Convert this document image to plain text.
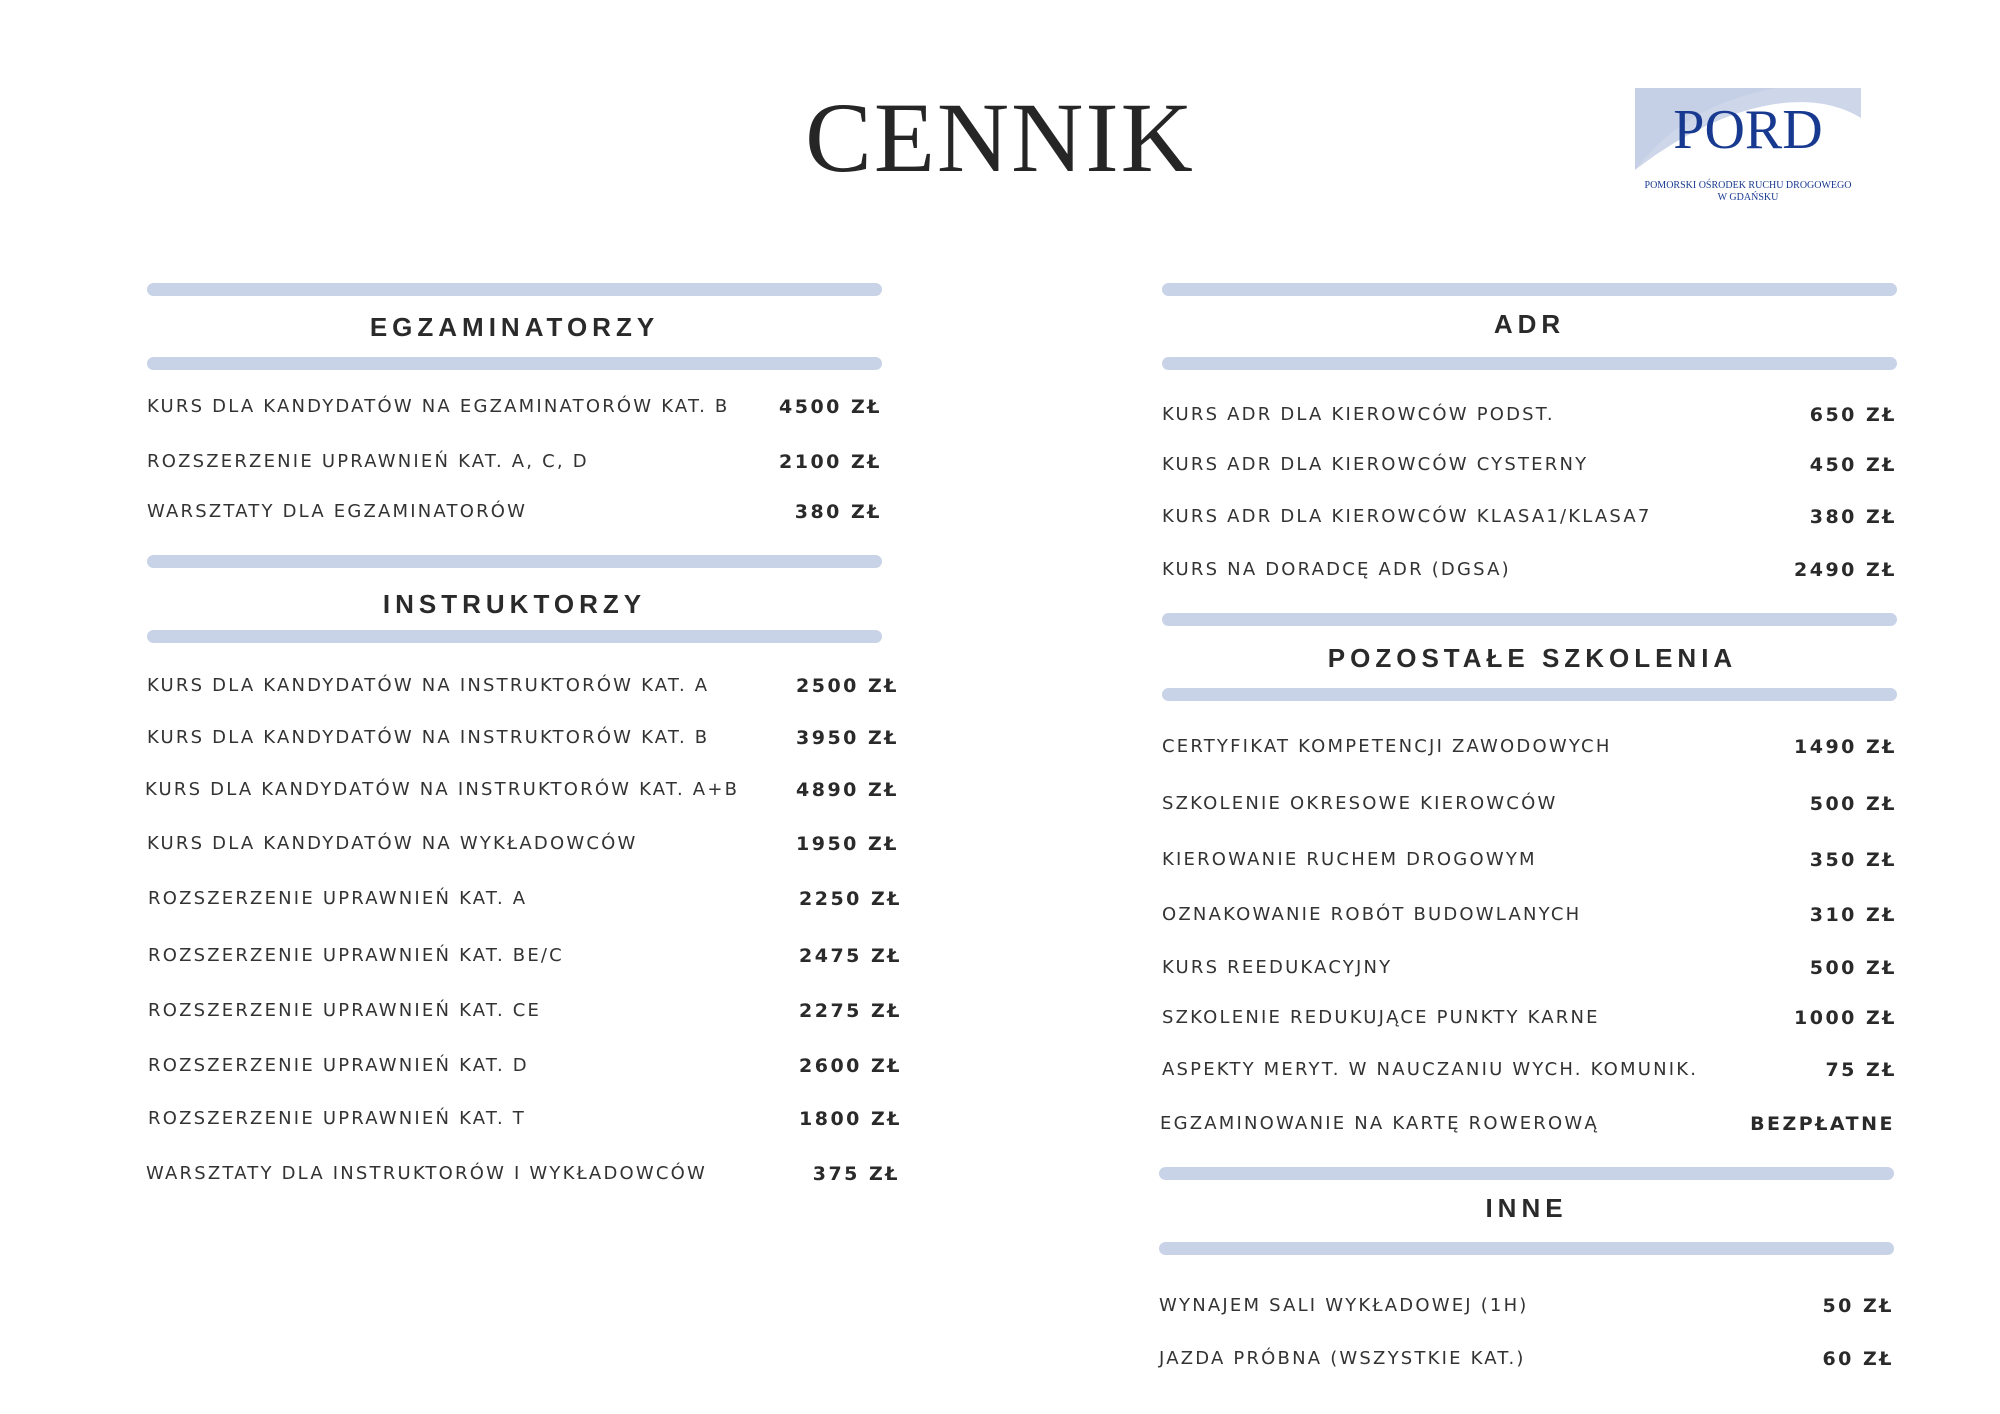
CENNIK	PORD
POMORSKI OŚRODEK RUCHU DROGOWEGO
W GDAŃSKU
EGZAMINATORZY
KURS DLA KANDYDATÓW NA EGZAMINATORÓW KAT. B	4500 ZŁ
ROZSZERZENIE UPRAWNIEŃ KAT. A, C, D	2100 ZŁ
WARSZTATY DLA EGZAMINATORÓW	380 ZŁ
INSTRUKTORZY
KURS DLA KANDYDATÓW NA INSTRUKTORÓW KAT. A	2500 ZŁ
KURS DLA KANDYDATÓW NA INSTRUKTORÓW KAT. B	3950 ZŁ
KURS DLA KANDYDATÓW NA INSTRUKTORÓW KAT. A+B	4890 ZŁ
KURS DLA KANDYDATÓW NA WYKŁADOWCÓW	1950 ZŁ
ROZSZERZENIE UPRAWNIEŃ KAT. A	2250 ZŁ
ROZSZERZENIE UPRAWNIEŃ KAT. BE/C	2475 ZŁ
ROZSZERZENIE UPRAWNIEŃ KAT. CE	2275 ZŁ
ROZSZERZENIE UPRAWNIEŃ KAT. D	2600 ZŁ
ROZSZERZENIE UPRAWNIEŃ KAT. T	1800 ZŁ
WARSZTATY DLA INSTRUKTORÓW I WYKŁADOWCÓW	375 ZŁ
ADR
KURS ADR DLA KIEROWCÓW PODST.	650 ZŁ
KURS ADR DLA KIEROWCÓW CYSTERNY	450 ZŁ
KURS ADR DLA KIEROWCÓW KLASA1/KLASA7	380 ZŁ
KURS NA DORADCĘ ADR (DGSA)	2490 ZŁ
POZOSTAŁE SZKOLENIA
CERTYFIKAT KOMPETENCJI ZAWODOWYCH	1490 ZŁ
SZKOLENIE OKRESOWE KIEROWCÓW	500 ZŁ
KIEROWANIE RUCHEM DROGOWYM	350 ZŁ
OZNAKOWANIE ROBÓT BUDOWLANYCH	310 ZŁ
KURS REEDUKACYJNY	500 ZŁ
SZKOLENIE REDUKUJĄCE PUNKTY KARNE	1000 ZŁ
ASPEKTY MERYT. W NAUCZANIU WYCH. KOMUNIK.	75 ZŁ
EGZAMINOWANIE NA KARTĘ ROWEROWĄ	BEZPŁATNE
INNE
WYNAJEM SALI WYKŁADOWEJ (1H)	50 ZŁ
JAZDA PRÓBNA (WSZYSTKIE KAT.)	60 ZŁ
